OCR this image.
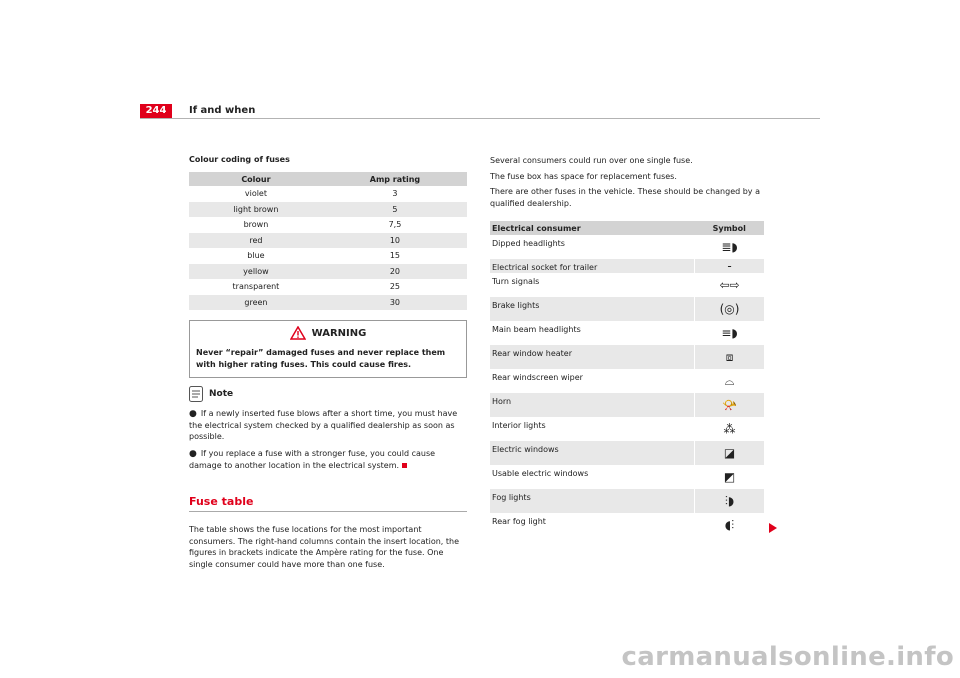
244	If and when
Colour coding of fuses
Colour	Amp rating
violet	3
light brown	5
brown	7,5
red	10
blue	15
yellow	20
transparent	25
green	30
WARNING
Never “repair” damaged fuses and never replace them with higher rating fuses. This could cause fires.
Note
● If a newly inserted fuse blows after a short time, you must have the electrical system checked by a qualified dealership as soon as possible.
● If you replace a fuse with a stronger fuse, you could cause damage to another location in the electrical system.
Fuse table

The table shows the fuse locations for the most important consumers. The right-hand columns contain the insert location, the figures in brackets indicate the Ampère rating for the fuse. One single consumer could have more than one fuse.

Several consumers could run over one single fuse.

The fuse box has space for replacement fuses.

There are other fuses in the vehicle. These should be changed by a qualified dealership.

Electrical consumer	Symbol
Dipped headlights	≣◗
Electrical socket for trailer	-
Turn signals	⇦⇨
Brake lights	(◎)
Main beam headlights	≡◗
Rear window heater	⧈
Rear windscreen wiper	⌓
Horn	📯
Interior lights	⁂
Electric windows	◪
Usable electric windows	◩
Fog lights	⫶◗
Rear fog light	◖⫶
carmanualsonline.info
